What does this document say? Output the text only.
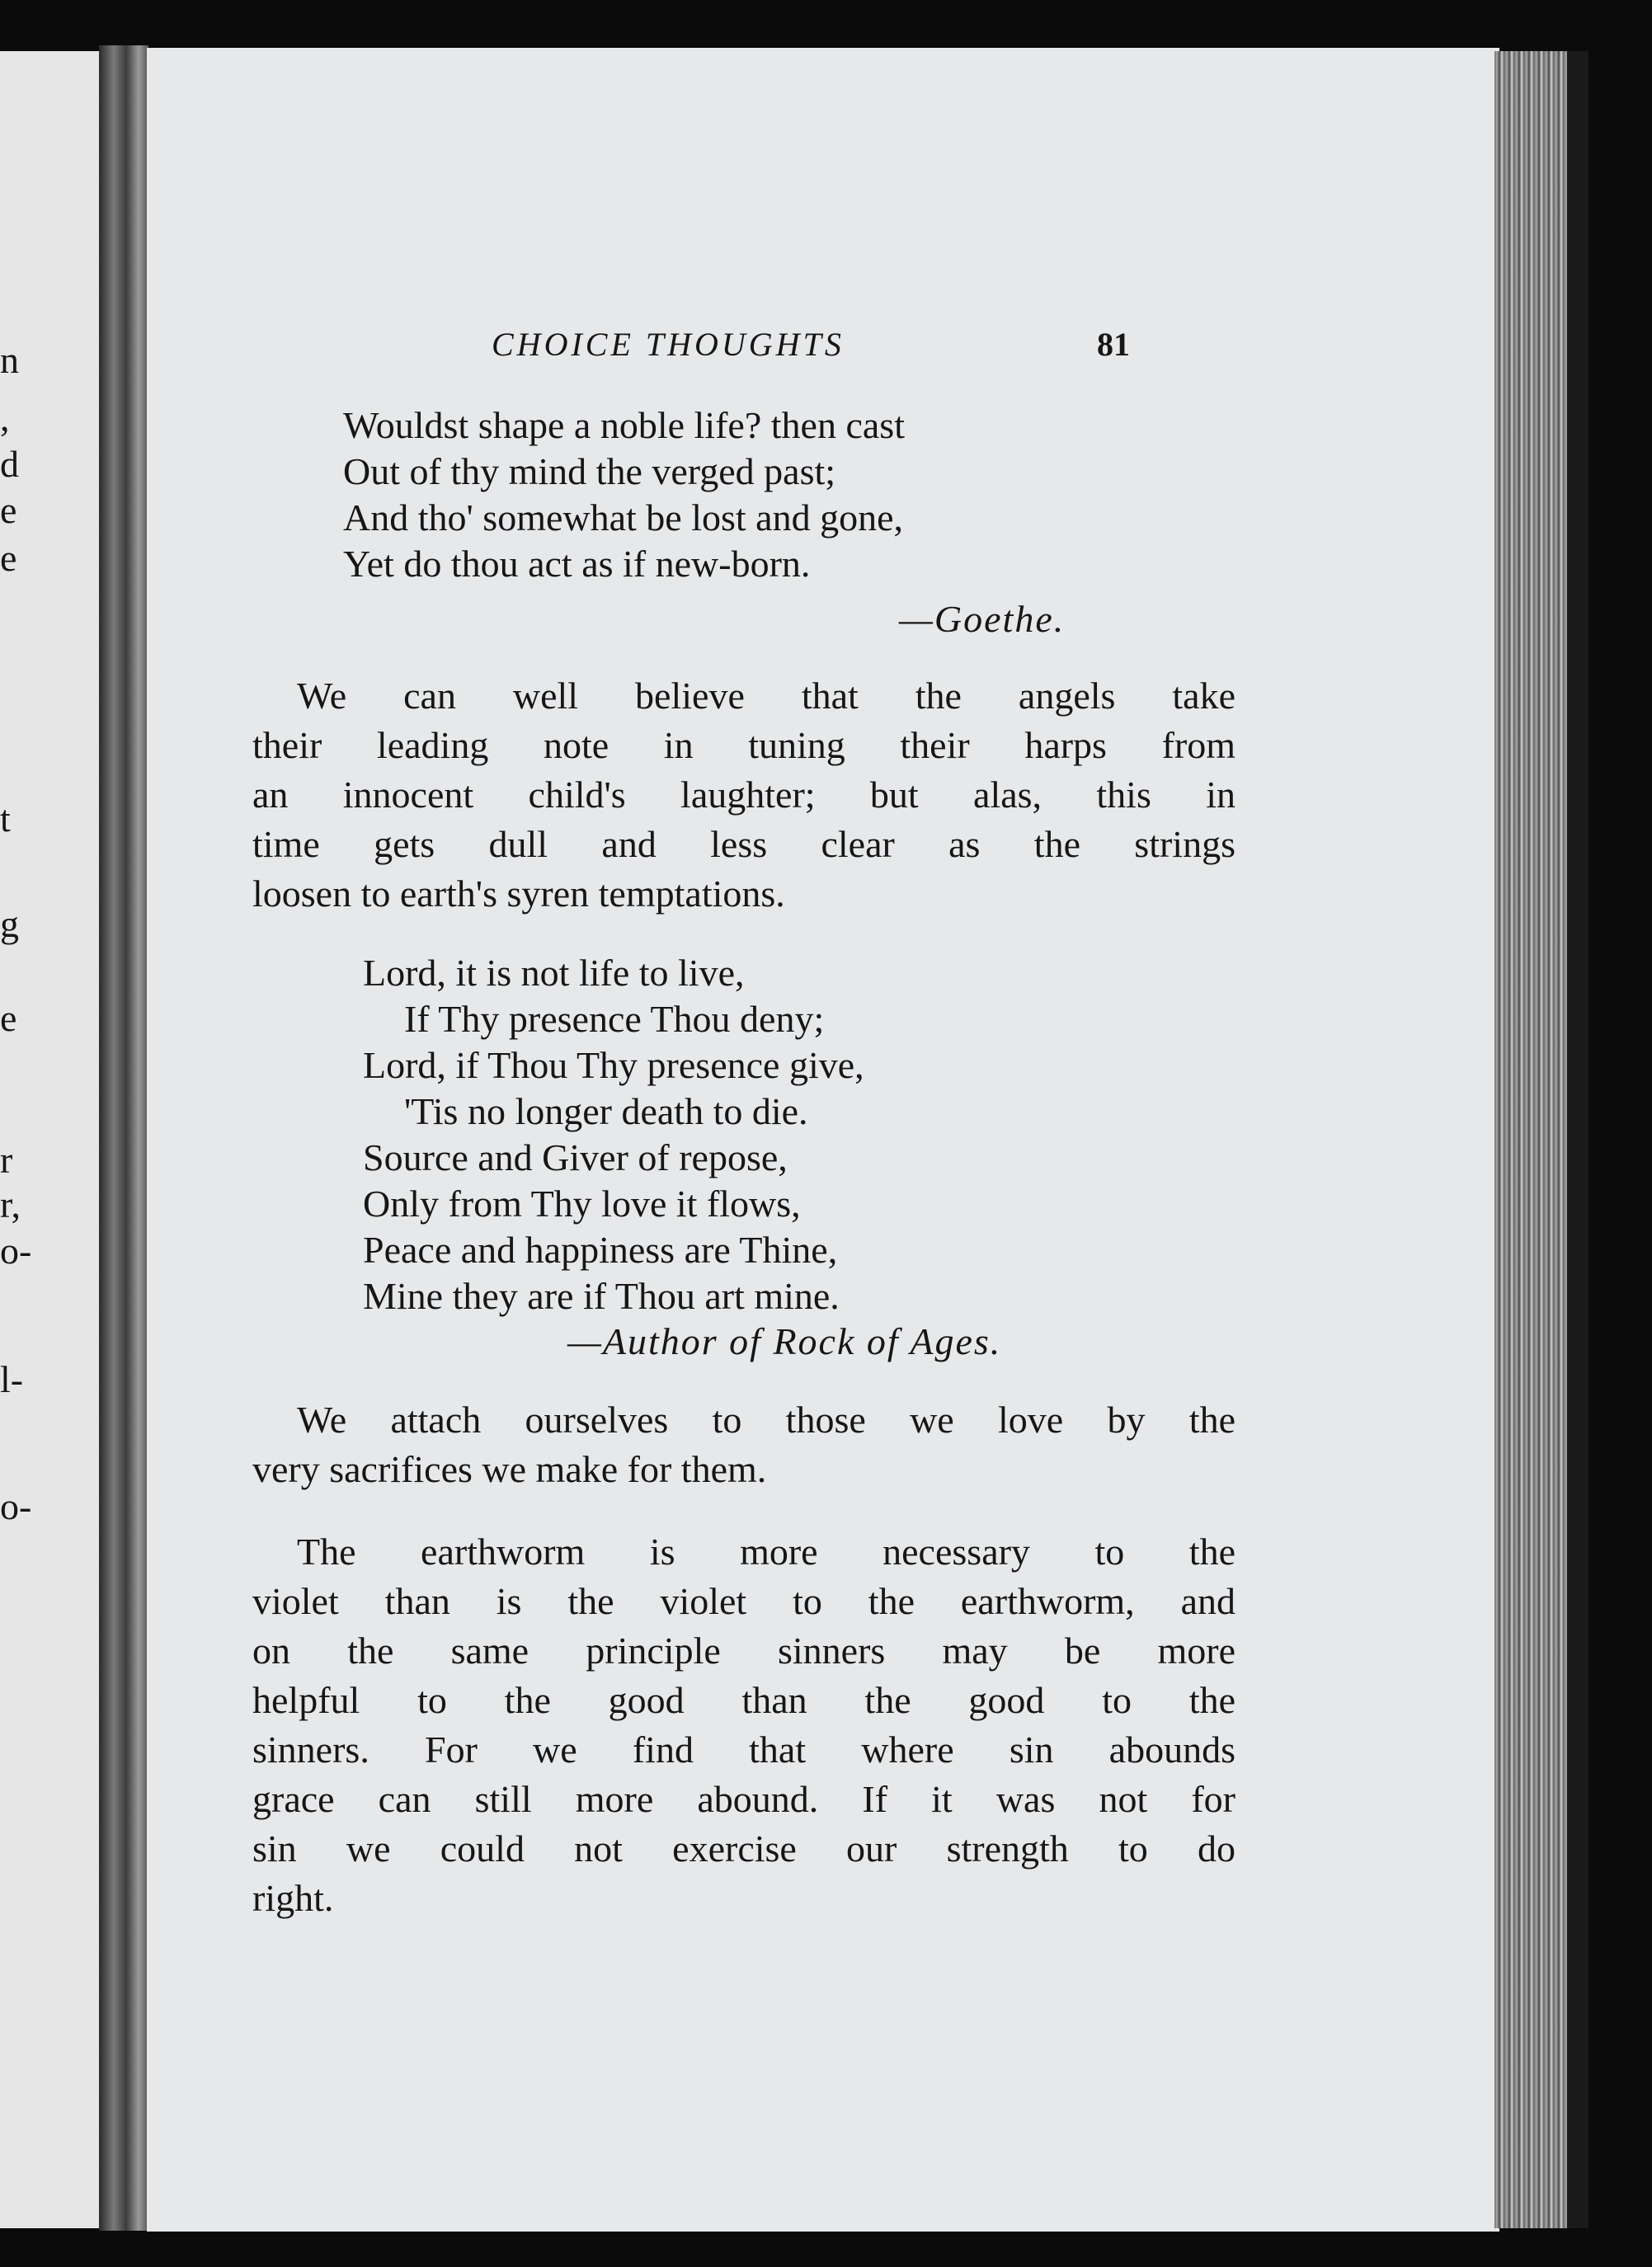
n
,
d
e
e
t
g
e
r
r,
o-
l-
o-
CHOICE THOUGHTS	81
Wouldst shape a noble life? then cast
Out of thy mind the verged past;
And tho' somewhat be lost and gone,
Yet do thou act as if new-born.
—Goethe.
We can well believe that the angels take
their leading note in tuning their harps from
an innocent child's laughter; but alas, this in
time gets dull and less clear as the strings
loosen to earth's syren temptations.
Lord, it is not life to live,
If Thy presence Thou deny;
Lord, if Thou Thy presence give,
'Tis no longer death to die.
Source and Giver of repose,
Only from Thy love it flows,
Peace and happiness are Thine,
Mine they are if Thou art mine.
—Author of Rock of Ages.
We attach ourselves to those we love by the
very sacrifices we make for them.
The earthworm is more necessary to the
violet than is the violet to the earthworm, and
on the same principle sinners may be more
helpful to the good than the good to the
sinners. For we find that where sin abounds
grace can still more abound. If it was not for
sin we could not exercise our strength to do
right.
